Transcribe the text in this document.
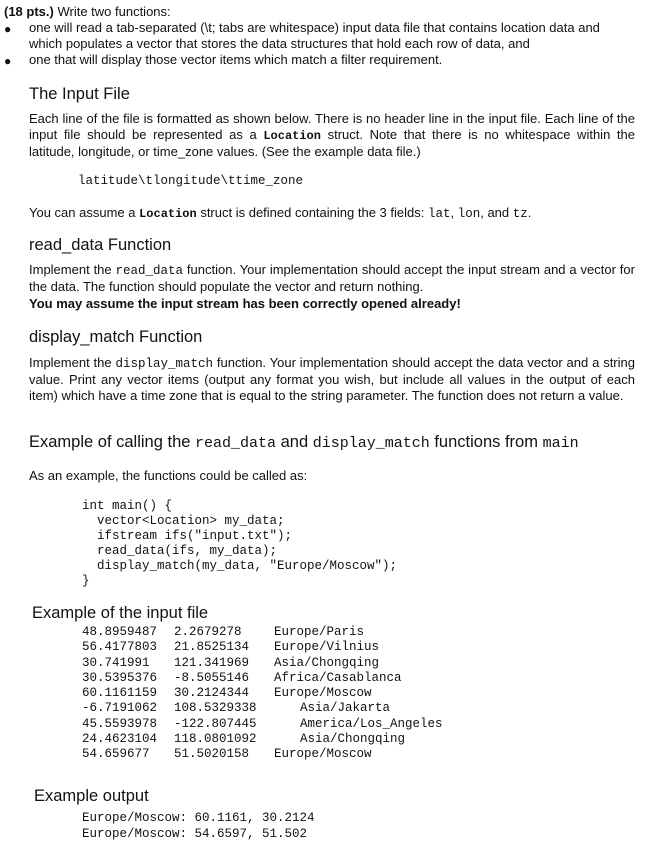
(18 pts.) Write two functions:
● one will read a tab-separated (\t; tabs are whitespace) input data file that contains location data and which populates a vector that stores the data structures that hold each row of data, and
● one that will display those vector items which match a filter requirement.
The Input File
Each line of the file is formatted as shown below. There is no header line in the input file. Each line of the input file should be represented as a Location struct. Note that there is no whitespace within the latitude, longitude, or time_zone values. (See the example data file.)
latitude\tlongitude\ttime_zone
You can assume a Location struct is defined containing the 3 fields: lat, lon, and tz.
read_data Function
Implement the read_data function. Your implementation should accept the input stream and a vector for the data. The function should populate the vector and return nothing.
You may assume the input stream has been correctly opened already!
display_match Function
Implement the display_match function. Your implementation should accept the data vector and a string value. Print any vector items (output any format you wish, but include all values in the output of each item) which have a time zone that is equal to the string parameter. The function does not return a value.
Example of calling the read_data and display_match functions from main
As an example, the functions could be called as:
int main() {
vector<Location> my_data;
ifstream ifs("input.txt");
read_data(ifs, my_data);
display_match(my_data, "Europe/Moscow");
}
Example of the input file
48.8959487	2.2679278	Europe/Paris
56.4177803	21.8525134	Europe/Vilnius
30.741991	121.341969	Asia/Chongqing
30.5395376	-8.5055146	Africa/Casablanca
60.1161159	30.2124344	Europe/Moscow
-6.7191062	108.5329338	Asia/Jakarta
45.5593978	-122.807445	America/Los_Angeles
24.4623104	118.0801092	Asia/Chongqing
54.659677	51.5020158	Europe/Moscow
Example output
Europe/Moscow: 60.1161, 30.2124
Europe/Moscow: 54.6597, 51.502
